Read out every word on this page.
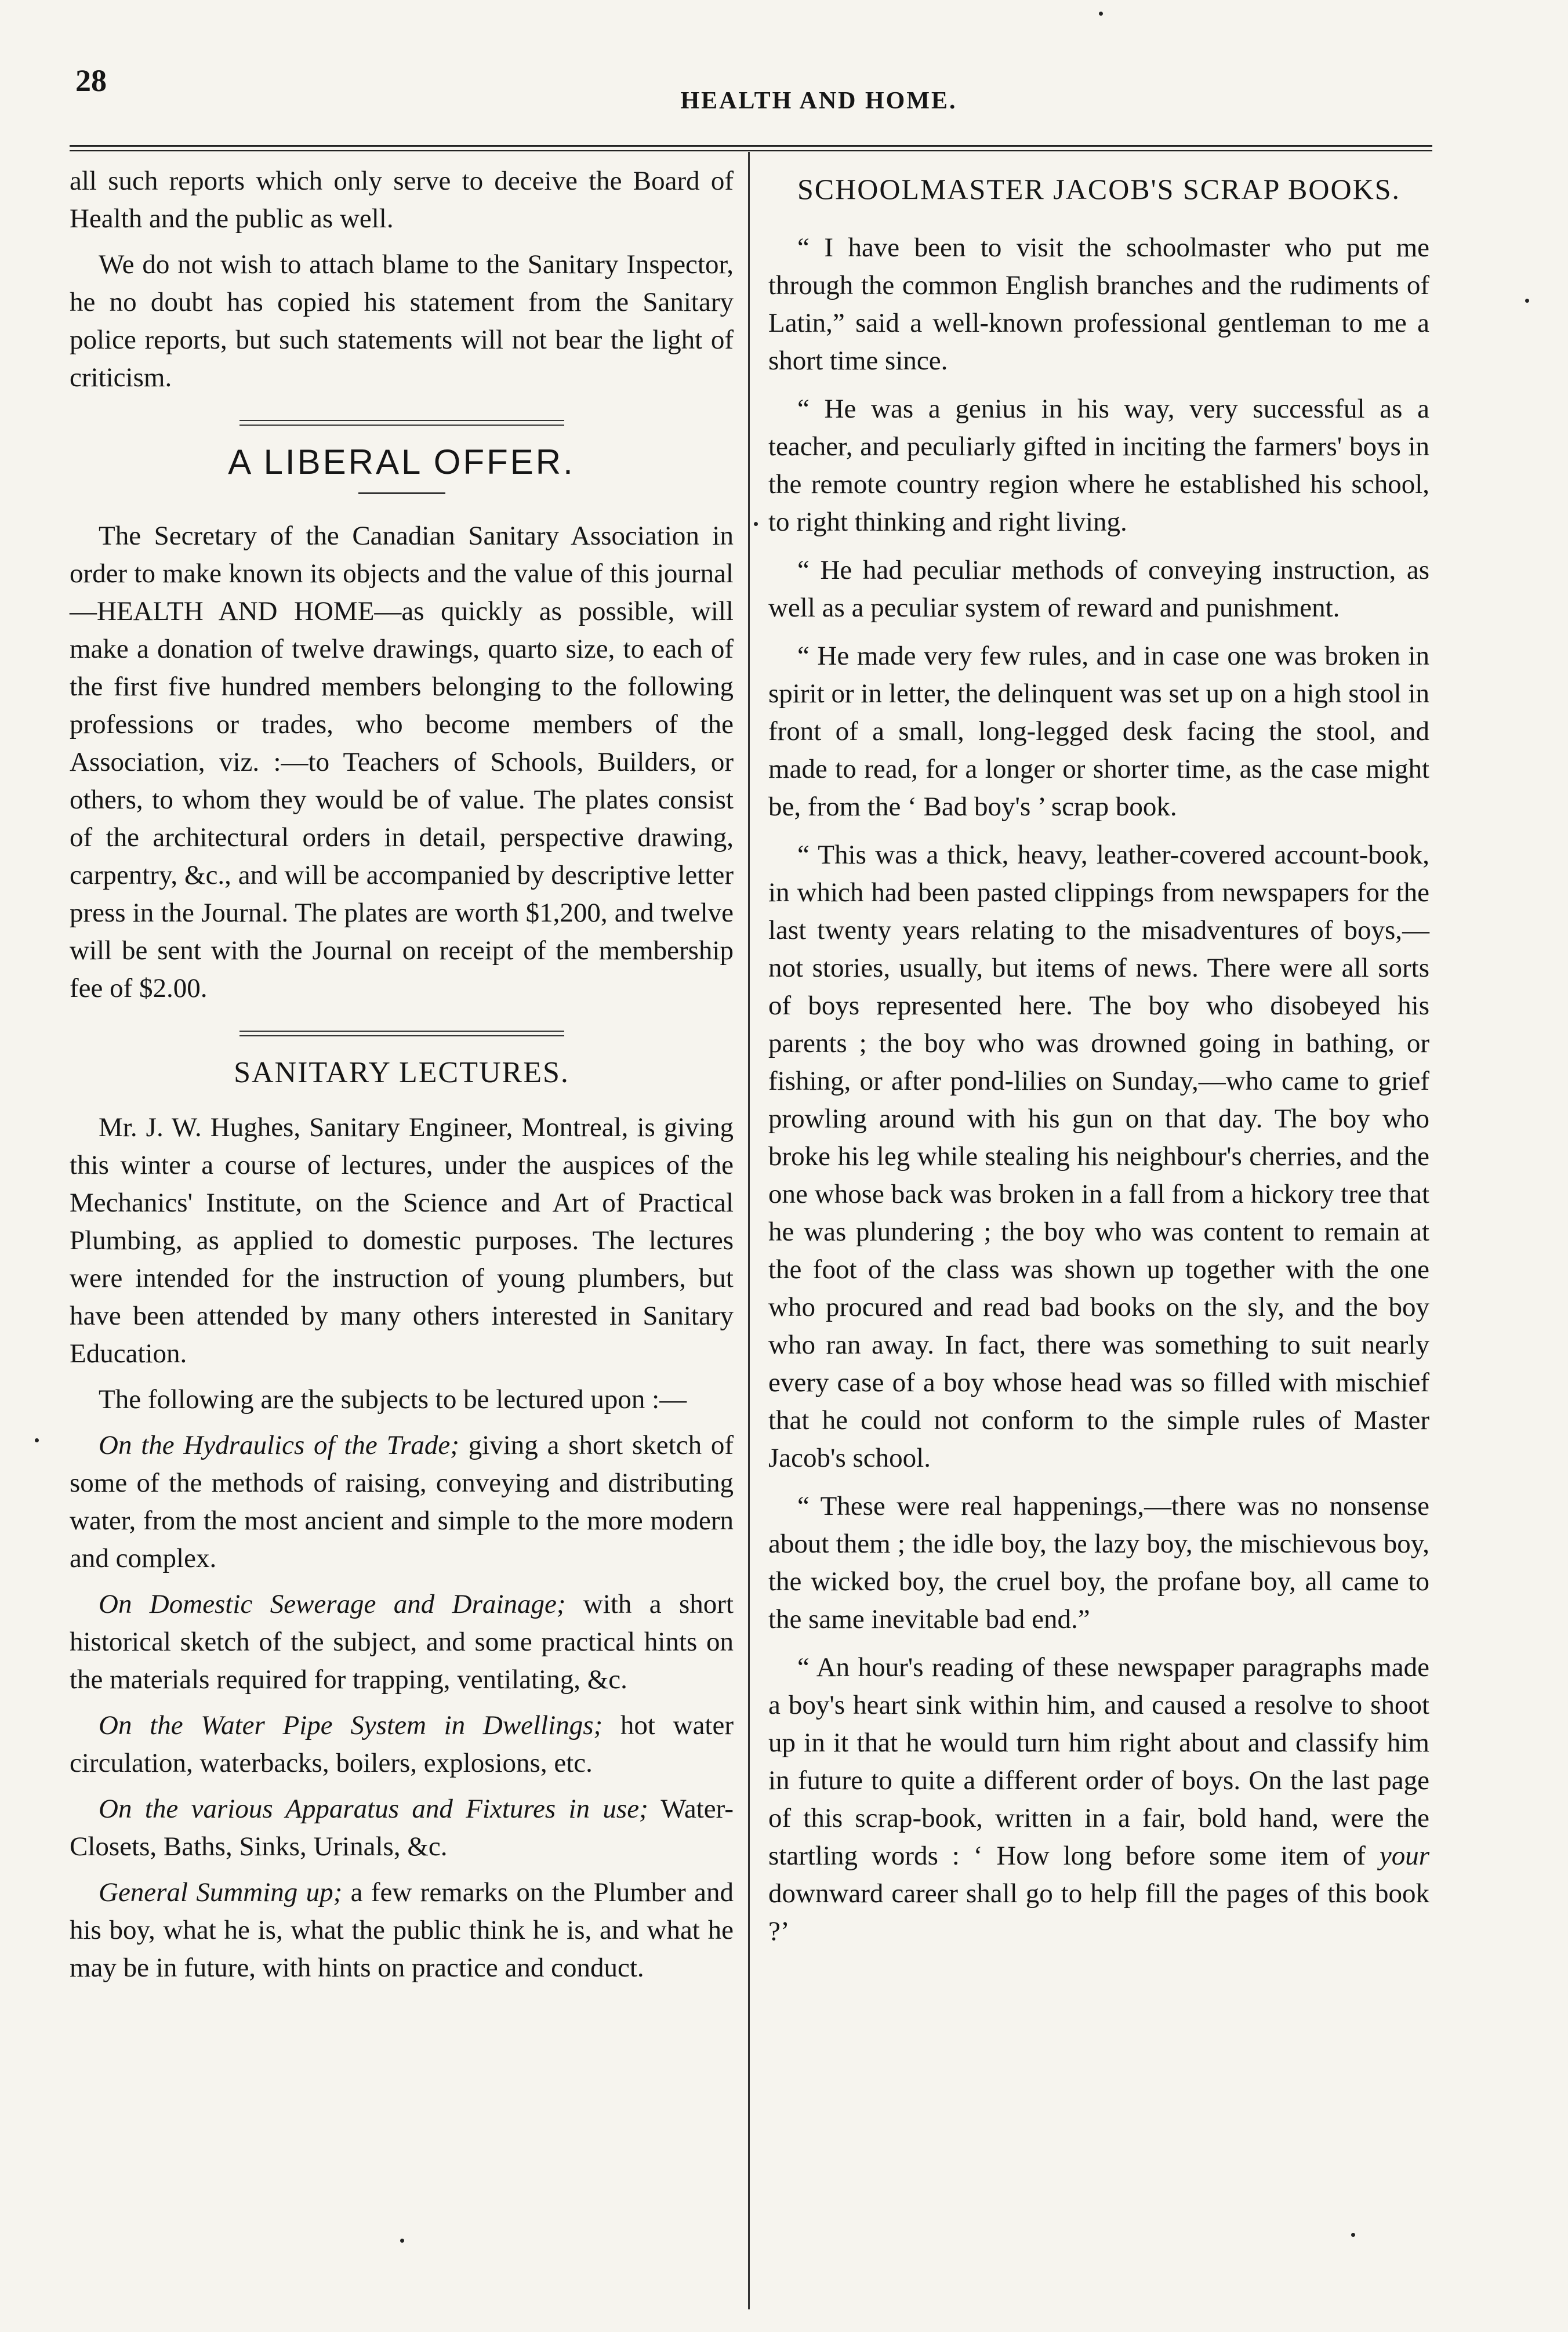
28
HEALTH AND HOME.

all such reports which only serve to deceive the Board of Health and the public as well.

We do not wish to attach blame to the Sanitary Inspector, he no doubt has copied his statement from the Sanitary police reports, but such statements will not bear the light of criticism.

A LIBERAL OFFER.

The Secretary of the Canadian Sanitary Association in order to make known its objects and the value of this journal—HEALTH AND HOME—as quickly as possible, will make a donation of twelve drawings, quarto size, to each of the first five hundred members belonging to the following professions or trades, who become members of the Association, viz. :—to Teachers of Schools, Builders, or others, to whom they would be of value. The plates consist of the architectural orders in detail, perspective drawing, carpentry, &c., and will be accompanied by descriptive letter press in the Journal. The plates are worth $1,200, and twelve will be sent with the Journal on receipt of the membership fee of $2.00.

SANITARY LECTURES.

Mr. J. W. Hughes, Sanitary Engineer, Montreal, is giving this winter a course of lectures, under the auspices of the Mechanics' Institute, on the Science and Art of Practical Plumbing, as applied to domestic purposes. The lectures were intended for the instruction of young plumbers, but have been attended by many others interested in Sanitary Education.

The following are the subjects to be lectured upon :—

On the Hydraulics of the Trade; giving a short sketch of some of the methods of raising, conveying and distributing water, from the most ancient and simple to the more modern and complex.

On Domestic Sewerage and Drainage; with a short historical sketch of the subject, and some practical hints on the materials required for trapping, ventilating, &c.

On the Water Pipe System in Dwellings; hot water circulation, waterbacks, boilers, explosions, etc.

On the various Apparatus and Fixtures in use; Water-Closets, Baths, Sinks, Urinals, &c.

General Summing up; a few remarks on the Plumber and his boy, what he is, what the public think he is, and what he may be in future, with hints on practice and conduct.

SCHOOLMASTER JACOB'S SCRAP BOOKS.

“ I have been to visit the schoolmaster who put me through the common English branches and the rudiments of Latin,” said a well-known professional gentleman to me a short time since.

“ He was a genius in his way, very successful as a teacher, and peculiarly gifted in inciting the farmers' boys in the remote country region where he established his school, to right thinking and right living.

“ He had peculiar methods of conveying instruction, as well as a peculiar system of reward and punishment.

“ He made very few rules, and in case one was broken in spirit or in letter, the delinquent was set up on a high stool in front of a small, long-legged desk facing the stool, and made to read, for a longer or shorter time, as the case might be, from the ‘ Bad boy's ’ scrap book.

“ This was a thick, heavy, leather-covered account-book, in which had been pasted clippings from newspapers for the last twenty years relating to the misadventures of boys,—not stories, usually, but items of news. There were all sorts of boys represented here. The boy who disobeyed his parents ; the boy who was drowned going in bathing, or fishing, or after pond-lilies on Sunday,—who came to grief prowling around with his gun on that day. The boy who broke his leg while stealing his neighbour's cherries, and the one whose back was broken in a fall from a hickory tree that he was plundering ; the boy who was content to remain at the foot of the class was shown up together with the one who procured and read bad books on the sly, and the boy who ran away. In fact, there was something to suit nearly every case of a boy whose head was so filled with mischief that he could not conform to the simple rules of Master Jacob's school.

“ These were real happenings,—there was no nonsense about them ; the idle boy, the lazy boy, the mischievous boy, the wicked boy, the cruel boy, the profane boy, all came to the same inevitable bad end.”

“ An hour's reading of these newspaper paragraphs made a boy's heart sink within him, and caused a resolve to shoot up in it that he would turn him right about and classify him in future to quite a different order of boys. On the last page of this scrap-book, written in a fair, bold hand, were the startling words : ‘ How long before some item of your downward career shall go to help fill the pages of this book ?’
